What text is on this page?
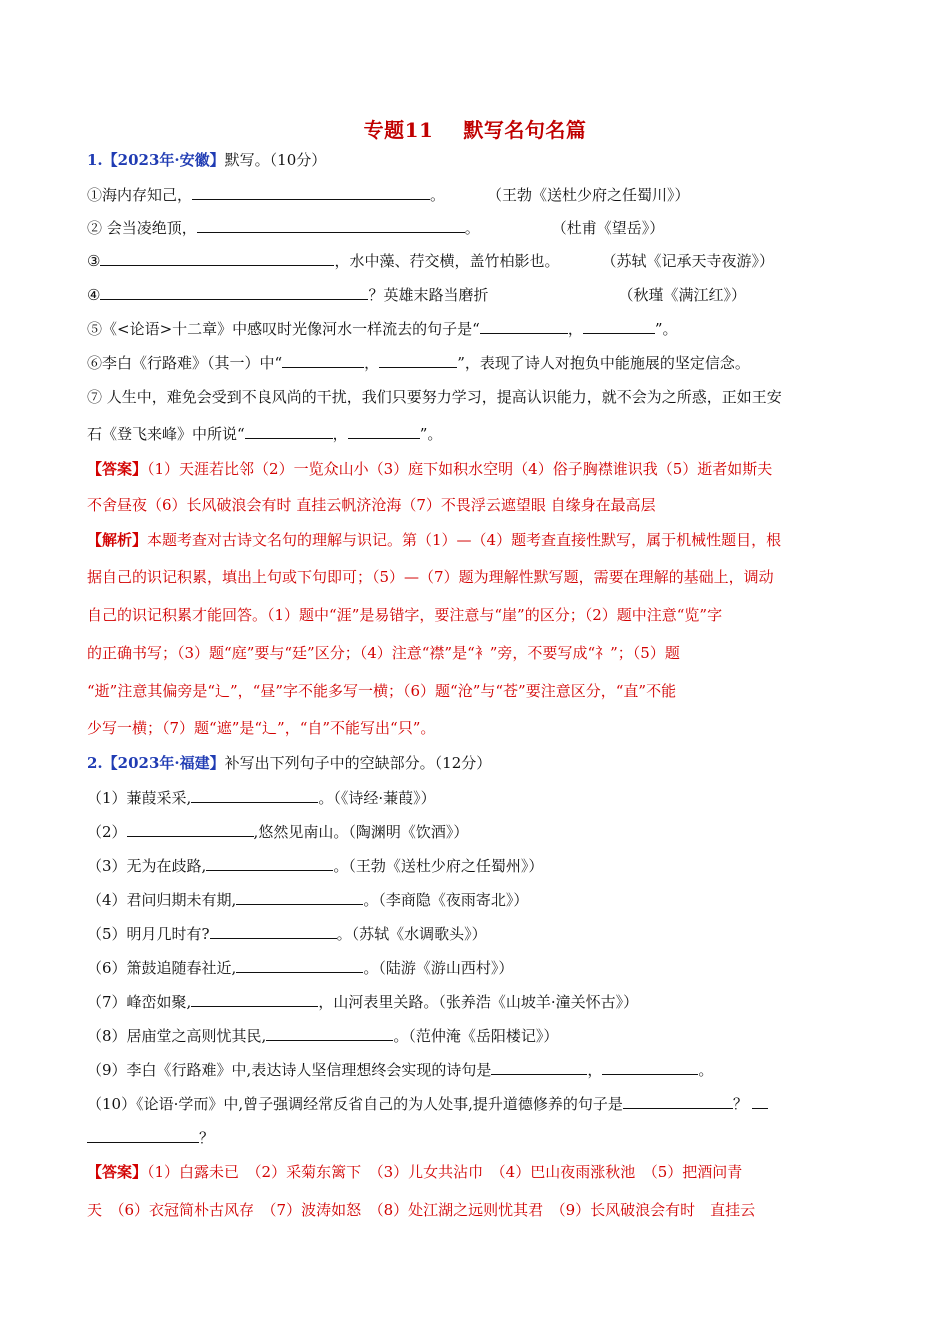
专题11 默写名句名篇
1.【2023年·安徽】默写。（10分）
①海内存知己，	。	（王勃《送杜少府之任蜀川》）
② 会当凌绝顶，	。	（杜甫《望岳》）
③	，水中藻、荇交横，盖竹柏影也。	（苏轼《记承天寺夜游》）
④	？英雄末路当磨折	（秋瑾《满江红》）
⑤《<论语>十二章》中感叹时光像河水一样流去的句子是“	，	”。
⑥李白《行路难》（其一）中“	，	”，表现了诗人对抱负中能施展的坚定信念。
⑦ 人生中，难免会受到不良风尚的干扰，我们只要努力学习，提高认识能力，就不会为之所惑，正如王安
石《登飞来峰》中所说“	，	”。
【答案】（1）天涯若比邻（2）一览众山小（3）庭下如积水空明（4）俗子胸襟谁识我（5）逝者如斯夫
不舍昼夜（6）长风破浪会有时 直挂云帆济沧海（7）不畏浮云遮望眼 自缘身在最高层
【解析】本题考查对古诗文名句的理解与识记。第（1）—（4）题考查直接性默写，属于机械性题目，根
据自己的识记积累，填出上句或下句即可；（5）—（7）题为理解性默写题，需要在理解的基础上，调动
自己的识记积累才能回答。（1）题中“涯”是易错字，要注意与“崖”的区分；（2）题中注意“览”字
的正确书写；（3）题“庭”要与“廷”区分；（4）注意“襟”是“衤”旁，不要写成“礻”；（5）题
“逝”注意其偏旁是“辶”，“昼”字不能多写一横；（6）题“沧”与“苍”要注意区分，“直”不能
少写一横；（7）题“遮”是“辶”，“自”不能写出“只”。
2.【2023年·福建】补写出下列句子中的空缺部分。（12分）
（1）蒹葭采采,	。（《诗经·蒹葭》）
（2）	,悠然见南山。（陶渊明《饮酒》）
（3）无为在歧路,	。（王勃《送杜少府之任蜀州》）
（4）君问归期未有期,	。（李商隐《夜雨寄北》）
（5）明月几时有?	。（苏轼《水调歌头》）
（6）箫鼓追随春社近,	。（陆游《游山西村》）
（7）峰峦如聚,	，山河表里关路。（张养浩《山坡羊·潼关怀古》）
（8）居庙堂之高则忧其民,	。（范仲淹《岳阳楼记》）
（9）李白《行路难》中,表达诗人坚信理想终会实现的诗句是	，	。
（10）《论语·学而》中,曾子强调经常反省自己的为人处事,提升道德修养的句子是	？
？
【答案】（1）白露未已　（2）采菊东篱下　（3）儿女共沾巾　（4）巴山夜雨涨秋池　（5）把酒问青
天　（6）衣冠简朴古风存　（7）波涛如怒　（8）处江湖之远则忧其君　（9）长风破浪会有时　直挂云
